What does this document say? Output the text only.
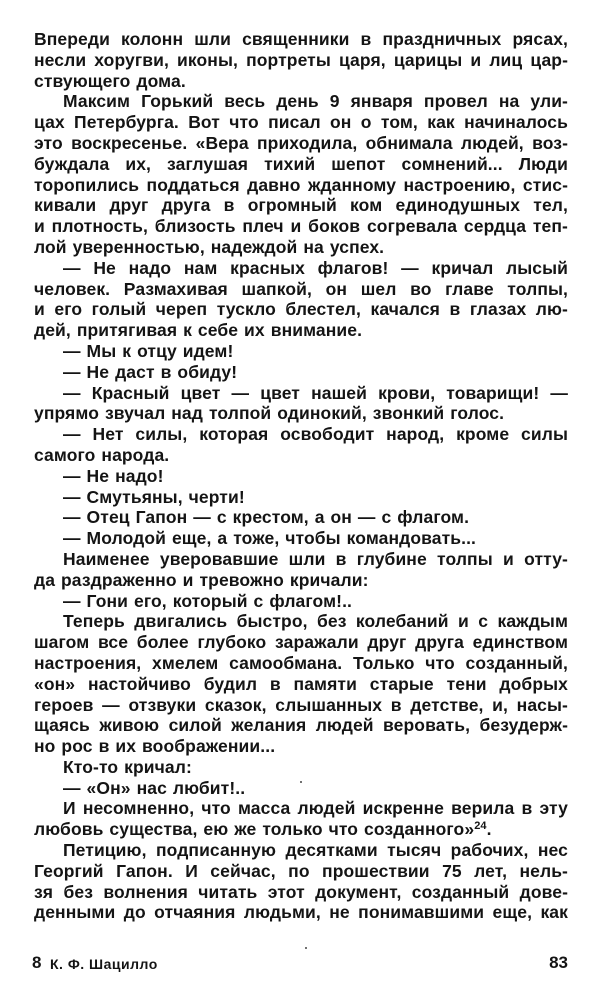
Впереди колонн шли священники в праздничных рясах,
несли хоругви, иконы, портреты царя, царицы и лиц цар-
ствующего дома.
Максим Горький весь день 9 января провел на ули-
цах Петербурга. Вот что писал он о том, как начиналось
это воскресенье. «Вера приходила, обнимала людей, воз-
буждала их, заглушая тихий шепот сомнений... Люди
торопились поддаться давно жданному настроению, стис-
кивали друг друга в огромный ком единодушных тел,
и плотность, близость плеч и боков согревала сердца теп-
лой уверенностью, надеждой на успех.
— Не надо нам красных флагов! — кричал лысый
человек. Размахивая шапкой, он шел во главе толпы,
и его голый череп тускло блестел, качался в глазах лю-
дей, притягивая к себе их внимание.
— Мы к отцу идем!
— Не даст в обиду!
— Красный цвет — цвет нашей крови, товарищи! —
упрямо звучал над толпой одинокий, звонкий голос.
— Нет силы, которая освободит народ, кроме силы
самого народа.
— Не надо!
— Смутьяны, черти!
— Отец Гапон — с крестом, а он — с флагом.
— Молодой еще, а тоже, чтобы командовать...
Наименее уверовавшие шли в глубине толпы и отту-
да раздраженно и тревожно кричали:
— Гони его, который с флагом!..
Теперь двигались быстро, без колебаний и с каждым
шагом все более глубоко заражали друг друга единством
настроения, хмелем самообмана. Только что созданный,
«он» настойчиво будил в памяти старые тени добрых
героев — отзвуки сказок, слышанных в детстве, и, насы-
щаясь живою силой желания людей веровать, безудерж-
но рос в их воображении...
Кто-то кричал:
— «Он» нас любит!..
И несомненно, что масса людей искренне верила в эту
любовь существа, ею же только что созданного»$^{24}$.
Петицию, подписанную десятками тысяч рабочих, нес
Георгий Гапон. И сейчас, по прошествии 75 лет, нель-
зя без волнения читать этот документ, созданный дове-
денными до отчаяния людьми, не понимавшими еще, как
8 К. Ф. Шацилло	83
